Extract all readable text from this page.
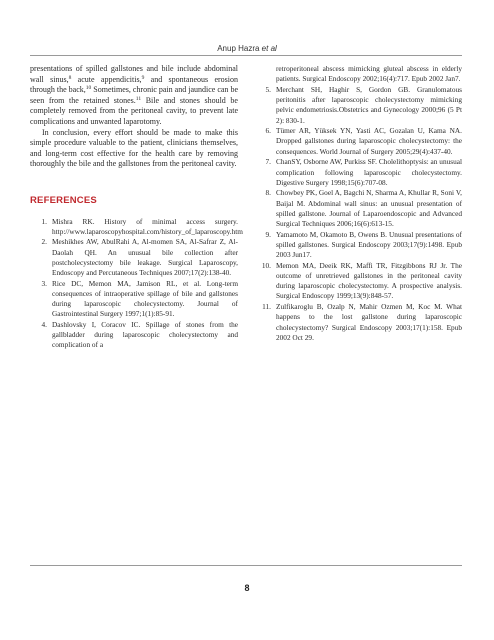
Anup Hazra et al

presentations of spilled gallstones and bile include abdominal wall sinus,$^8$ acute appendicitis,$^9$ and spontaneous erosion through the back,$^{10}$ Sometimes, chronic pain and jaundice can be seen from the retained stones.$^{11}$ Bile and stones should be completely removed from the peritoneal cavity, to prevent late complications and unwanted laparotomy.

In conclusion, every effort should be made to make this simple procedure valuable to the patient, clinicians themselves, and long-term cost effective for the health care by removing thoroughly the bile and the gallstones from the peritoneal cavity.

REFERENCES
1. Mishra RK. History of minimal access surgery. http://www.laparoscopyhospital.com/history_of_laparoscopy.htm
2. Meshikhes AW, AbulRahi A, Al-momen SA, Al-Safrar Z, Al-Daolah QH. An unusual bile collection after postcholecystectomy bile leakage. Surgical Laparoscopy, Endoscopy and Percutaneous Techniques 2007;17(2):138-40.
3. Rice DC, Memon MA, Jamison RL, et al. Long-term consequences of intraoperative spillage of bile and gallstones during laparoscopic cholecystectomy. Journal of Gastrointestinal Surgery 1997;1(1):85-91.
4. Dashlovsky I, Coracov IC. Spillage of stones from the gallbladder during laparoscopic cholecystectomy and complication of a
retroperitoneal abscess mimicking gluteal abscess in elderly patients. Surgical Endoscopy 2002;16(4):717. Epub 2002 Jan7.
5. Merchant SH, Haghir S, Gordon GB. Granulomatous peritonitis after laparoscopic cholecystectomy mimicking pelvic endometriosis.Obstetrics and Gynecology 2000;96 (5 Pt 2): 830-1.
6. Tümer AR, Yüksek YN, Yasti AC, Gozalan U, Kama NA. Dropped gallstones during laparoscopic cholecystectomy: the consequences. World Journal of Surgery 2005;29(4):437-40.
7. ChanSY, Osborne AW, Purkiss SF. Cholelithoptysis: an unusual complication following laparoscopic cholecystectomy. Digestive Surgery 1998;15(6):707-08.
8. Chowbey PK, Goel A, Bagchi N, Sharma A, Khullar R, Soni V, Baijal M. Abdominal wall sinus: an unusual presentation of spilled gallstone. Journal of Laparoendoscopic and Advanced Surgical Techniques 2006;16(6):613-15.
9. Yamamoto M, Okamoto B, Owens B. Unusual presentations of spilled gallstones. Surgical Endoscopy 2003;17(9):1498. Epub 2003 Jun17.
10. Memon MA, Deeik RK, Maffi TR, Fitzgibbons RJ Jr. The outcome of unretrieved gallstones in the peritoneal cavity during laparoscopic cholecystectomy. A prospective analysis. Surgical Endoscopy 1999;13(9):848-57.
11. Zulfikaroglu B, Ozalp N, Mahir Ozmen M, Koc M. What happens to the lost gallstone during laparoscopic cholecystectomy? Surgical Endoscopy 2003;17(1):158. Epub 2002 Oct 29.
8
